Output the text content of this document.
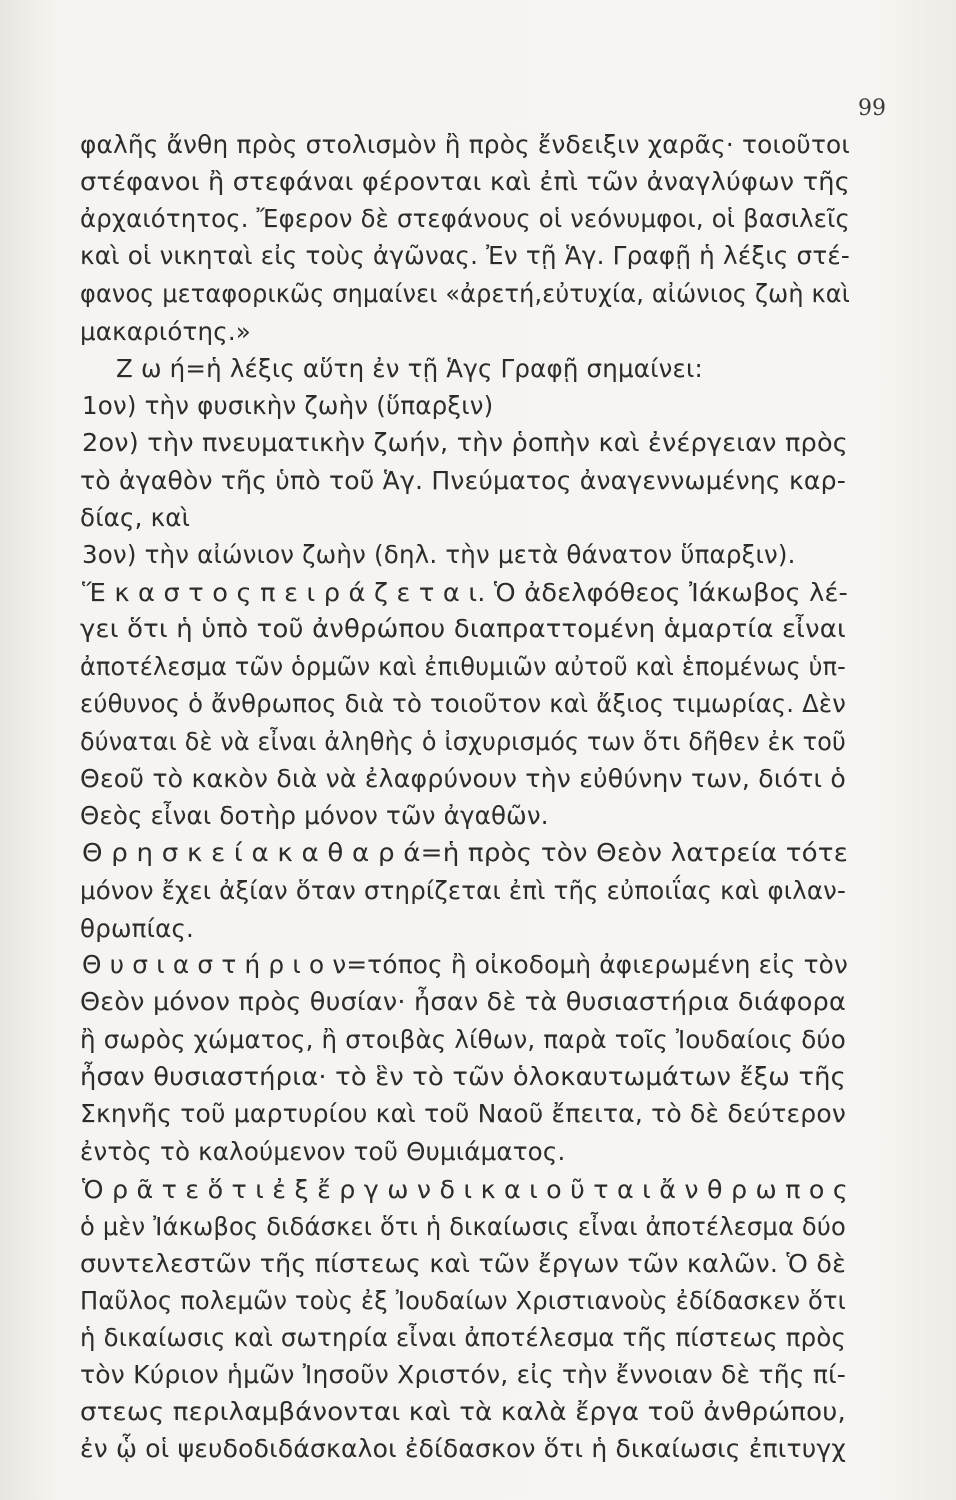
99
φαλῆς ἄνθη πρὸς στολισμὸν ἢ πρὸς ἔνδειξιν χαρᾶς· τοιοῦτοι
στέφανοι ἢ στεφάναι φέρονται καὶ ἐπὶ τῶν ἀναγλύφων τῆς
ἀρχαιότητος. Ἔφερον δὲ στεφάνους οἱ νεόνυμφοι, οἱ βασιλεῖς
καὶ οἱ νικηταὶ εἰς τοὺς ἀγῶνας. Ἐν τῇ Ἁγ. Γραφῇ ἡ λέξις στέ-
φανος μεταφορικῶς σημαίνει «ἀρετή,εὐτυχία, αἰώνιος ζωὴ καὶ
μακαριότης.»
Ζ ω ή=ἡ λέξις αὕτη ἐν τῇ Ἁγς Γραφῇ σημαίνει:
1ον) τὴν φυσικὴν ζωὴν (ὕπαρξιν)
2ον) τὴν πνευματικὴν ζωήν, τὴν ῥοπὴν καὶ ἐνέργειαν πρὸς
τὸ ἀγαθὸν τῆς ὑπὸ τοῦ Ἁγ. Πνεύματος ἀναγεννωμένης καρ-
δίας, καὶ
3ον) τὴν αἰώνιον ζωὴν (δηλ. τὴν μετὰ θάνατον ὕπαρξιν).
Ἕ κ α σ τ ο ς π ε ι ρ ά ζ ε τ α ι. Ὁ ἀδελφόθεος Ἰάκωβος λέ-
γει ὅτι ἡ ὑπὸ τοῦ ἀνθρώπου διαπραττομένη ἁμαρτία εἶναι
ἀποτέλεσμα τῶν ὁρμῶν καὶ ἐπιθυμιῶν αὐτοῦ καὶ ἑπομένως ὑπ-
εύθυνος ὁ ἄνθρωπος διὰ τὸ τοιοῦτον καὶ ἄξιος τιμωρίας. Δὲν
δύναται δὲ νὰ εἶναι ἀληθὴς ὁ ἰσχυρισμός των ὅτι δῆθεν ἐκ τοῦ
Θεοῦ τὸ κακὸν διὰ νὰ ἐλαφρύνουν τὴν εὐθύνην των, διότι ὁ
Θεὸς εἶναι δοτὴρ μόνον τῶν ἀγαθῶν.
Θ ρ η σ κ ε ί α κ α θ α ρ ά=ἡ πρὸς τὸν Θεὸν λατρεία τότε
μόνον ἔχει ἀξίαν ὅταν στηρίζεται ἐπὶ τῆς εὐποιΐας καὶ φιλαν-
θρωπίας.
Θ υ σ ι α σ τ ή ρ ι ο ν=τόπος ἢ οἰκοδομὴ ἀφιερωμένη εἰς τὸν
Θεὸν μόνον πρὸς θυσίαν· ἦσαν δὲ τὰ θυσιαστήρια διάφορα
ἢ σωρὸς χώματος, ἢ στοιβὰς λίθων, παρὰ τοῖς Ἰουδαίοις δύο
ἦσαν θυσιαστήρια· τὸ ἓν τὸ τῶν ὁλοκαυτωμάτων ἔξω τῆς
Σκηνῆς τοῦ μαρτυρίου καὶ τοῦ Ναοῦ ἔπειτα, τὸ δὲ δεύτερον
ἐντὸς τὸ καλούμενον τοῦ Θυμιάματος.
Ὁ ρ ᾶ τ ε ὅ τ ι ἐ ξ ἔ ρ γ ω ν δ ι κ α ι ο ῦ τ α ι ἄ ν θ ρ ω π ο ς
ὁ μὲν Ἰάκωβος διδάσκει ὅτι ἡ δικαίωσις εἶναι ἀποτέλεσμα δύο
συντελεστῶν τῆς πίστεως καὶ τῶν ἔργων τῶν καλῶν. Ὁ δὲ
Παῦλος πολεμῶν τοὺς ἐξ Ἰουδαίων Χριστιανοὺς ἐδίδασκεν ὅτι
ἡ δικαίωσις καὶ σωτηρία εἶναι ἀποτέλεσμα τῆς πίστεως πρὸς
τὸν Κύριον ἡμῶν Ἰησοῦν Χριστόν, εἰς τὴν ἔννοιαν δὲ τῆς πί-
στεως περιλαμβάνονται καὶ τὰ καλὰ ἔργα τοῦ ἀνθρώπου,
ἐν ᾧ οἱ ψευδοδιδάσκαλοι ἐδίδασκον ὅτι ἡ δικαίωσις ἐπιτυγχ
